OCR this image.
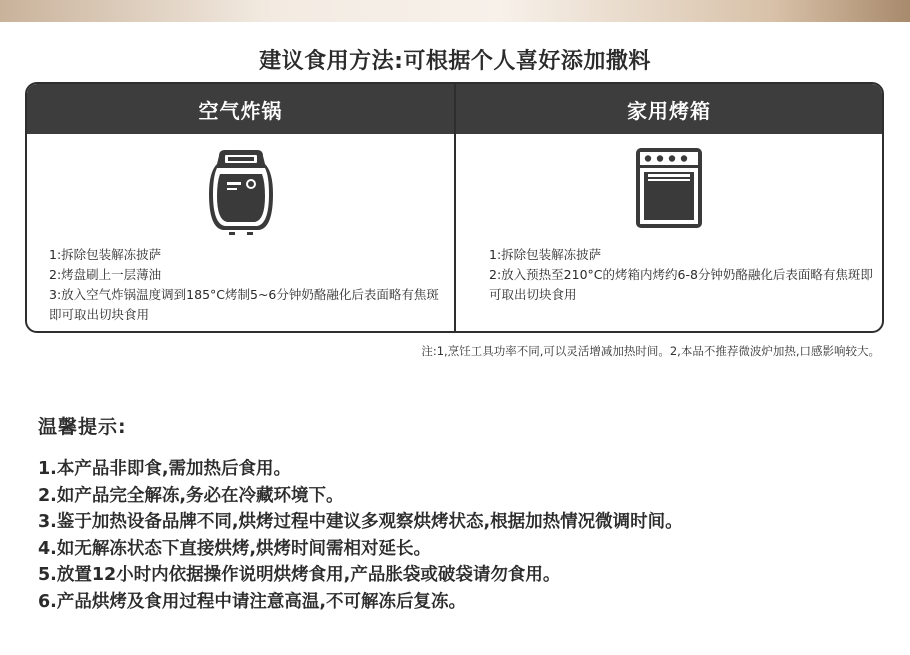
建议食用方法:可根据个人喜好添加撒料
空气炸锅
1:拆除包装解冻披萨
2:烤盘刷上一层薄油
3:放入空气炸锅温度调到185°C烤制5~6分钟奶酪融化后表面略有焦斑即可取出切块食用
家用烤箱
1:拆除包装解冻披萨
2:放入预热至210°C的烤箱内烤约6-8分钟奶酪融化后表面略有焦斑即可取出切块食用
注:1,烹饪工具功率不同,可以灵活增减加热时间。2,本品不推荐微波炉加热,口感影响较大。
温馨提示:
1.本产品非即食,需加热后食用。
2.如产品完全解冻,务必在冷藏环境下。
3.鉴于加热设备品牌不同,烘烤过程中建议多观察烘烤状态,根据加热情况微调时间。
4.如无解冻状态下直接烘烤,烘烤时间需相对延长。
5.放置12小时内依据操作说明烘烤食用,产品胀袋或破袋请勿食用。
6.产品烘烤及食用过程中请注意高温,不可解冻后复冻。
